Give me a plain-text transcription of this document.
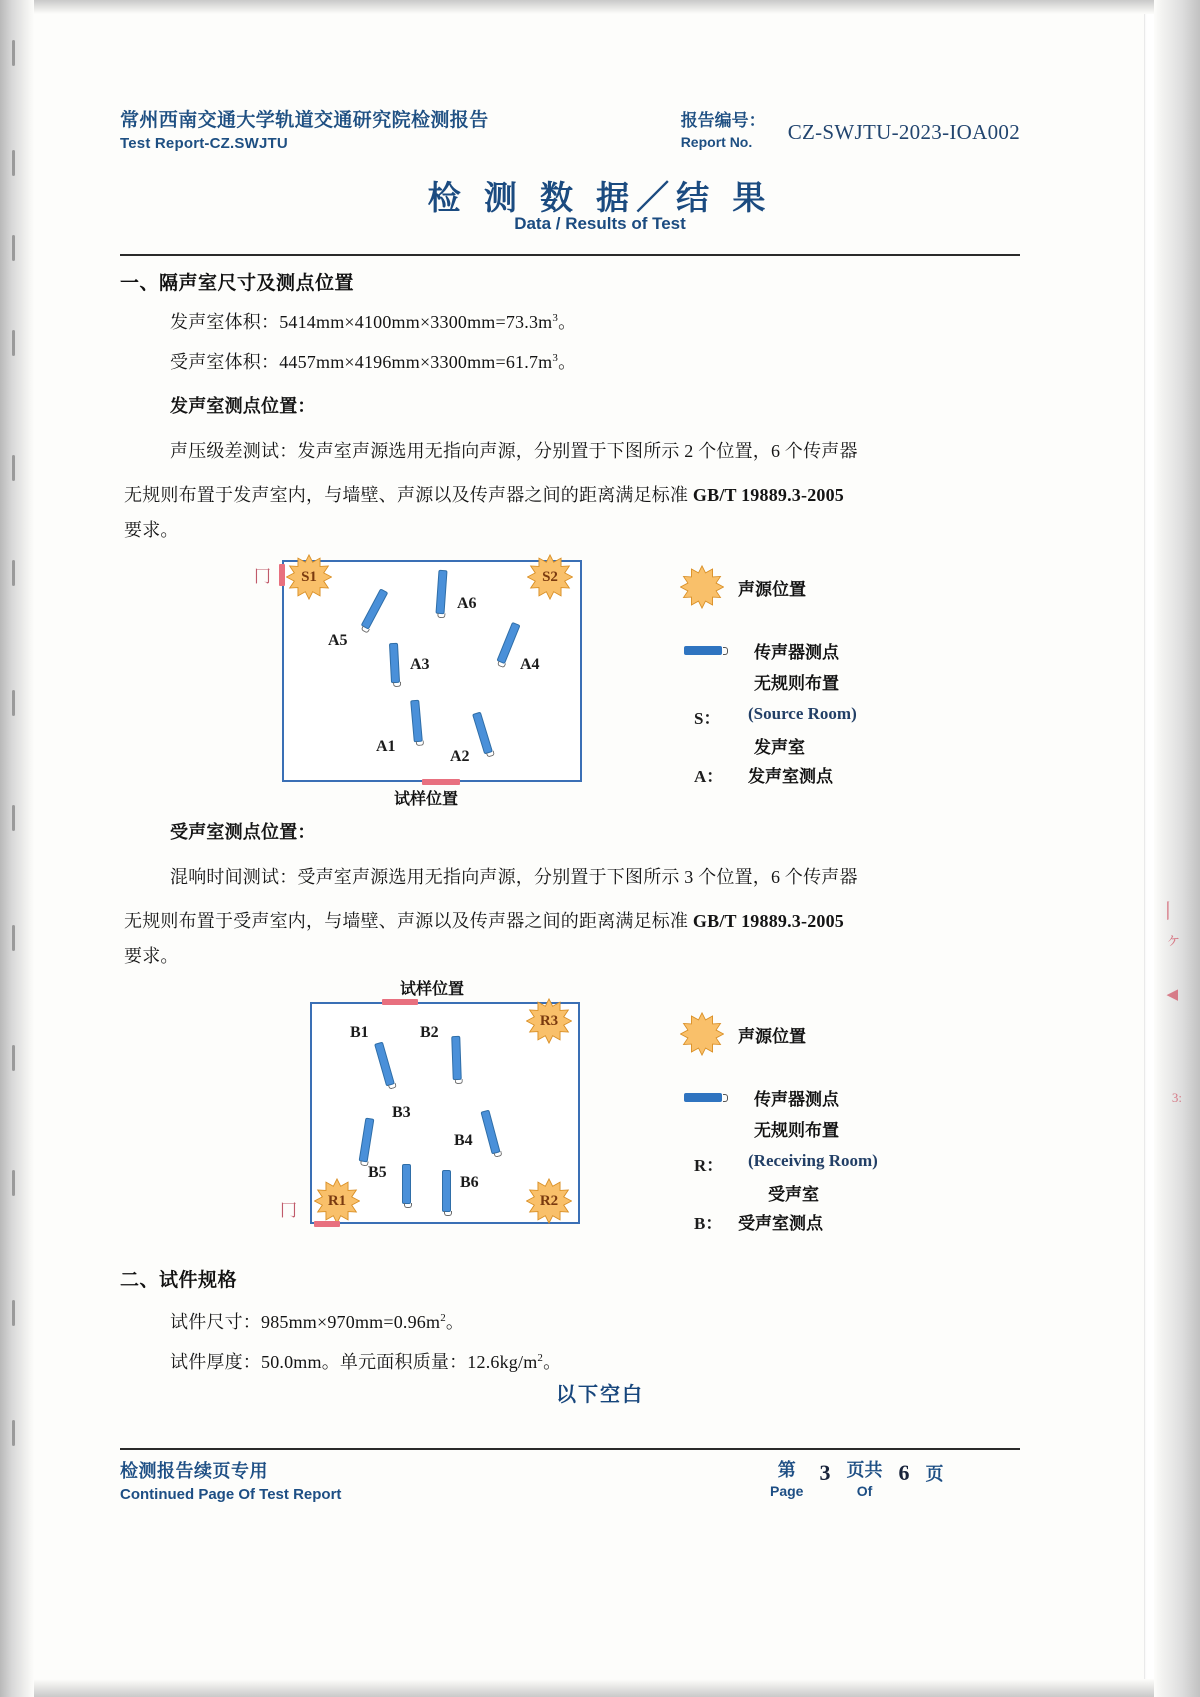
丨
ヶ
◀
3:
常州西南交通大学轨道交通研究院检测报告
Test Report-CZ.SWJTU
报告编号：
Report No.	CZ-SWJTU-2023-IOA002
检 测 数 据／结 果
Data / Results of Test
一、隔声室尺寸及测点位置
发声室体积：$5414mm\times 4100mm\times 3300mm=73.3m^3$。
受声室体积：$4457mm\times 4196mm\times 3300mm=61.7m^3$。
发声室测点位置：
声压级差测试：发声室声源选用无指向声源，分别置于下图所示 2 个位置，6 个传声器
无规则布置于发声室内，与墙壁、声源以及传声器之间的距离满足标准 GB/T 19889.3-2005
要求。
A5
A6
A3	A4
A1
A2
S1	S2
冂
试样位置
声源位置
传声器测点
无规则布置
S： (Source Room)
发声室
A： 发声室测点
受声室测点位置：
混响时间测试：受声室声源选用无指向声源，分别置于下图所示 3 个位置，6 个传声器
无规则布置于受声室内，与墙壁、声源以及传声器之间的距离满足标准 GB/T 19889.3-2005
要求。
试样位置
B1	B2
B3
B4
B5
B6
R3
R1	R2
冂
声源位置
传声器测点
无规则布置
R： (Receiving Room)
受声室
B： 受声室测点
二、试件规格
试件尺寸：$985mm\times 970mm=0.96m^2$。
试件厚度：50.0mm。单元面积质量：$12.6kg/m^2$。
以下空白
检测报告续页专用
Continued Page Of Test Report
第
Page
3 页共
Of
6 页
